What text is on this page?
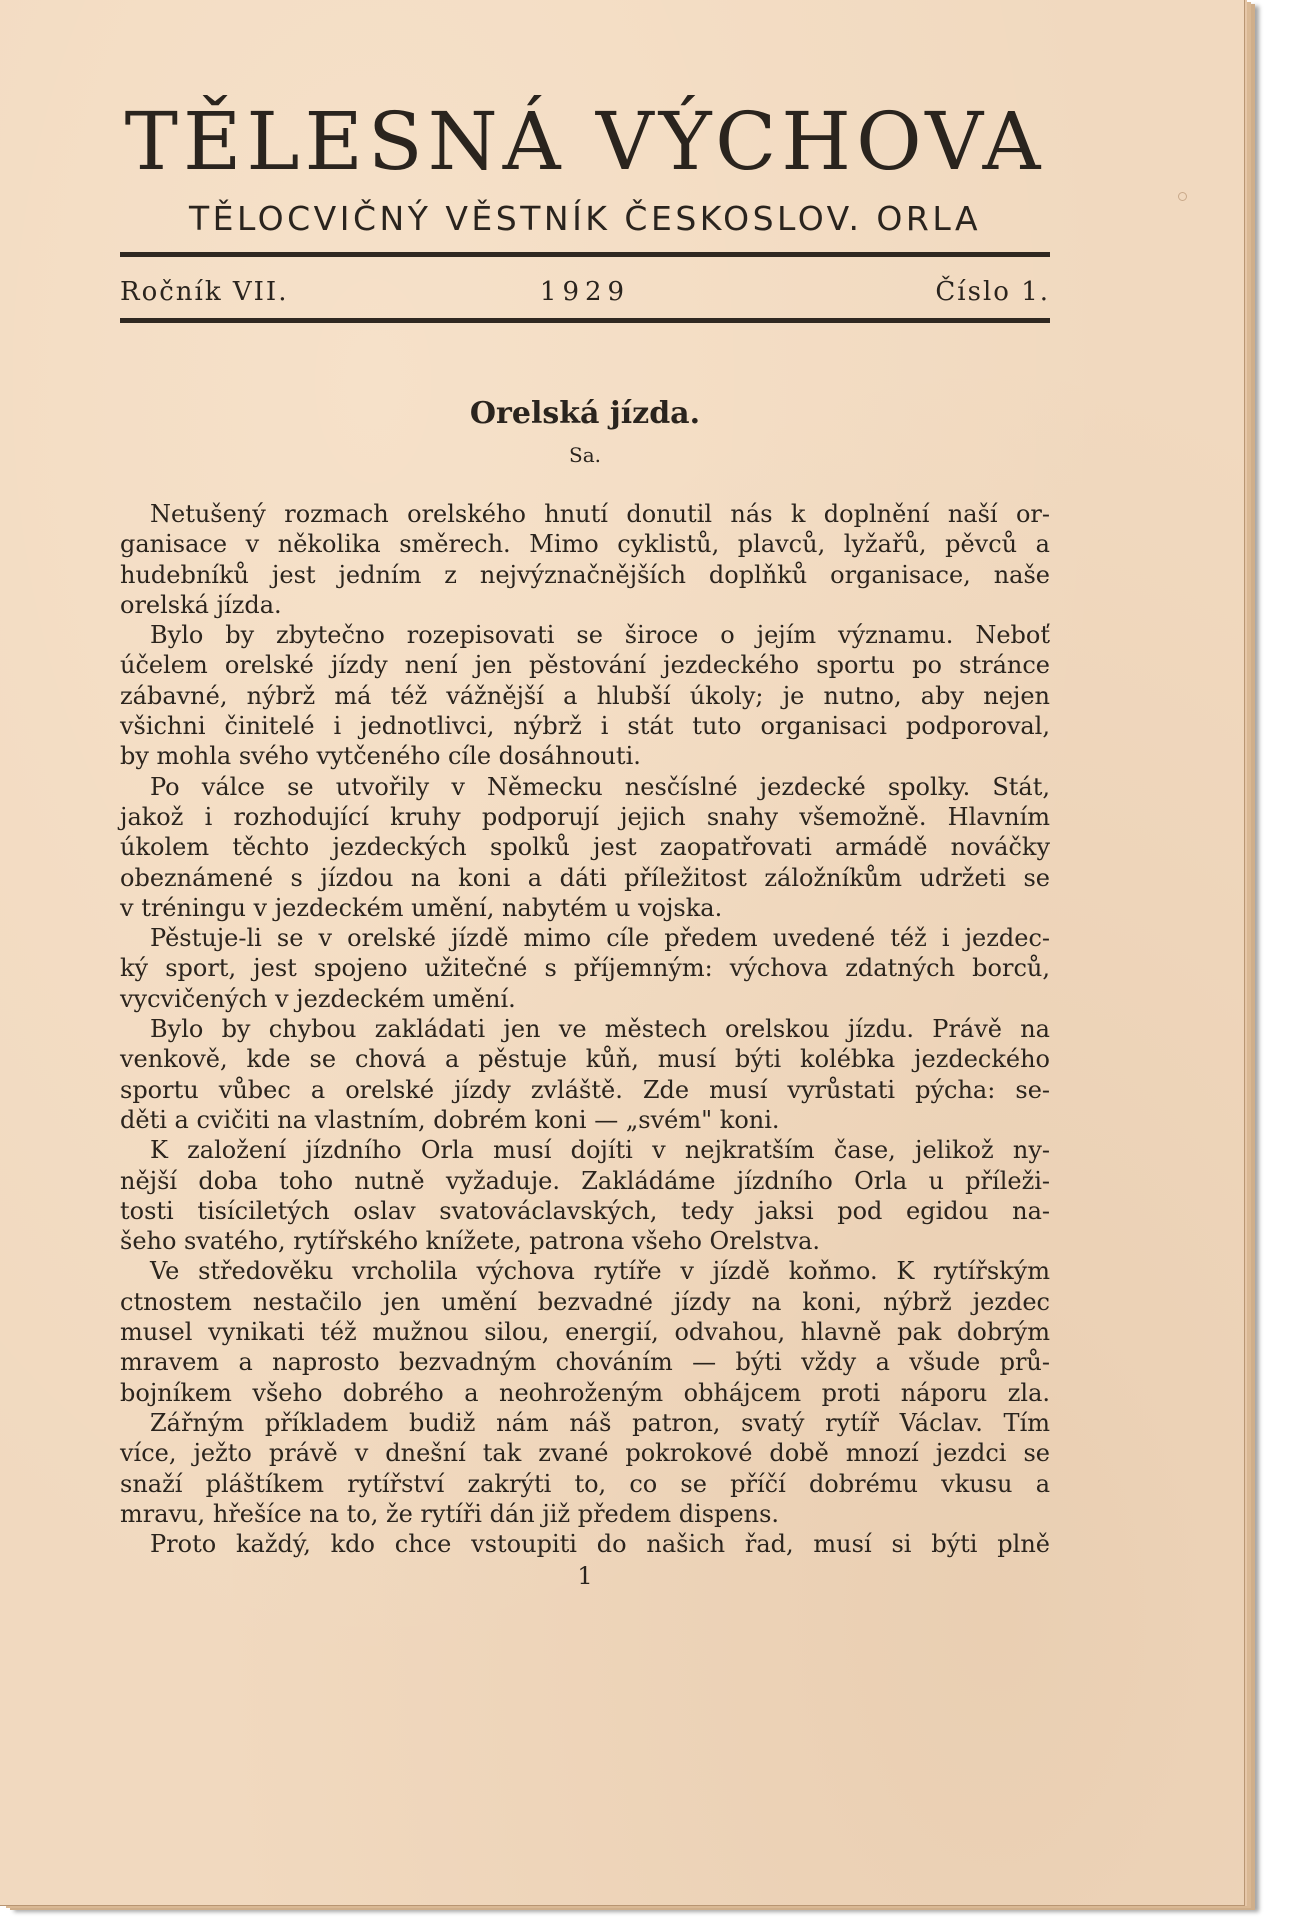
TĚLESNÁ VÝCHOVA
TĚLOCVIČNÝ VĚSTNÍK ČESKOSLOV. ORLA
Ročník VII.	1929	Číslo 1.
Orelská jízda.
Sa.
Netušený rozmach orelského hnutí donutil nás k doplnění naší or-
ganisace v několika směrech. Mimo cyklistů, plavců, lyžařů, pěvců a
hudebníků jest jedním z nejvýznačnějších doplňků organisace, naše
orelská jízda.
Bylo by zbytečno rozepisovati se široce o jejím významu. Neboť
účelem orelské jízdy není jen pěstování jezdeckého sportu po stránce
zábavné, nýbrž má též vážnější a hlubší úkoly; je nutno, aby nejen
všichni činitelé i jednotlivci, nýbrž i stát tuto organisaci podporoval,
by mohla svého vytčeného cíle dosáhnouti.
Po válce se utvořily v Německu nesčíslné jezdecké spolky. Stát,
jakož i rozhodující kruhy podporují jejich snahy všemožně. Hlavním
úkolem těchto jezdeckých spolků jest zaopatřovati armádě nováčky
obeznámené s jízdou na koni a dáti příležitost záložníkům udržeti se
v tréningu v jezdeckém umění, nabytém u vojska.
Pěstuje-li se v orelské jízdě mimo cíle předem uvedené též i jezdec-
ký sport, jest spojeno užitečné s příjemným: výchova zdatných borců,
vycvičených v jezdeckém umění.
Bylo by chybou zakládati jen ve městech orelskou jízdu. Právě na
venkově, kde se chová a pěstuje kůň, musí býti kolébka jezdeckého
sportu vůbec a orelské jízdy zvláště. Zde musí vyrůstati pýcha: se-
děti a cvičiti na vlastním, dobrém koni — „svém" koni.
K založení jízdního Orla musí dojíti v nejkratším čase, jelikož ny-
nější doba toho nutně vyžaduje. Zakládáme jízdního Orla u příleži-
tosti tisíciletých oslav svatováclavských, tedy jaksi pod egidou na-
šeho svatého, rytířského knížete, patrona všeho Orelstva.
Ve středověku vrcholila výchova rytíře v jízdě koňmo. K rytířským
ctnostem nestačilo jen umění bezvadné jízdy na koni, nýbrž jezdec
musel vynikati též mužnou silou, energií, odvahou, hlavně pak dobrým
mravem a naprosto bezvadným chováním — býti vždy a všude prů-
bojníkem všeho dobrého a neohroženým obhájcem proti náporu zla.
Zářným příkladem budiž nám náš patron, svatý rytíř Václav. Tím
více, ježto právě v dnešní tak zvané pokrokové době mnozí jezdci se
snaží pláštíkem rytířství zakrýti to, co se příčí dobrému vkusu a
mravu, hřešíce na to, že rytíři dán již předem dispens.
Proto každý, kdo chce vstoupiti do našich řad, musí si býti plně
1
